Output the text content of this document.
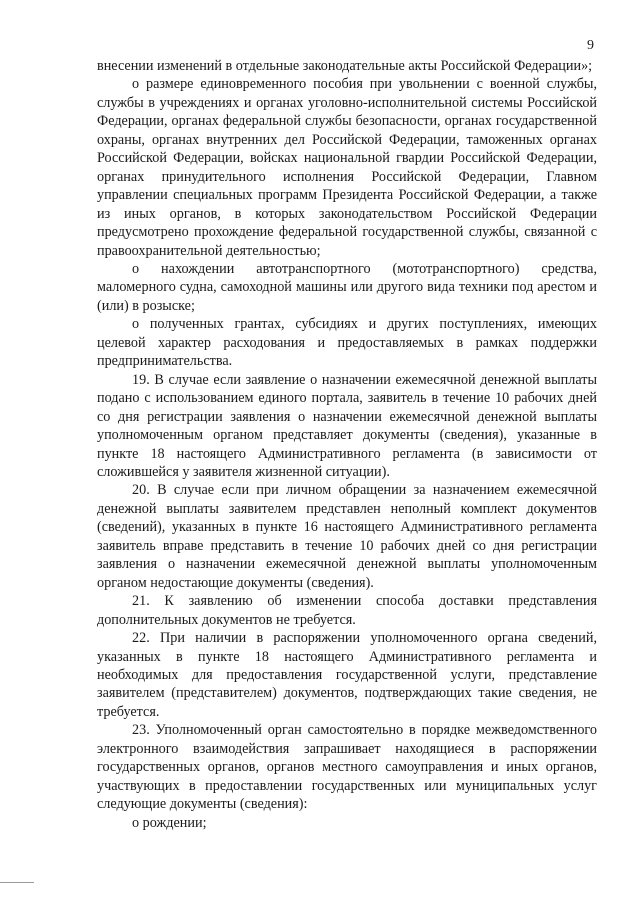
9

внесении изменений в отдельные законодательные акты Российской Федерации»;

о размере единовременного пособия при увольнении с военной службы, службы в учреждениях и органах уголовно-исполнительной системы Российской Федерации, органах федеральной службы безопасности, органах государственной охраны, органах внутренних дел Российской Федерации, таможенных органах Российской Федерации, войсках национальной гвардии Российской Федерации, органах принудительного исполнения Российской Федерации, Главном управлении специальных программ Президента Российской Федерации, а также из иных органов, в которых законодательством Российской Федерации предусмотрено прохождение федеральной государственной службы, связанной с правоохранительной деятельностью;

о нахождении автотранспортного (мототранспортного) средства, маломерного судна, самоходной машины или другого вида техники под арестом и (или) в розыске;

о полученных грантах, субсидиях и других поступлениях, имеющих целевой характер расходования и предоставляемых в рамках поддержки предпринимательства.

19. В случае если заявление о назначении ежемесячной денежной выплаты подано с использованием единого портала, заявитель в течение 10 рабочих дней со дня регистрации заявления о назначении ежемесячной денежной выплаты уполномоченным органом представляет документы (сведения), указанные в пункте 18 настоящего Административного регламента (в зависимости от сложившейся у заявителя жизненной ситуации).

20. В случае если при личном обращении за назначением ежемесячной денежной выплаты заявителем представлен неполный комплект документов (сведений), указанных в пункте 16 настоящего Административного регламента заявитель вправе представить в течение 10 рабочих дней со дня регистрации заявления о назначении ежемесячной денежной выплаты уполномоченным органом недостающие документы (сведения).

21. К заявлению об изменении способа доставки представления дополнительных документов не требуется.

22. При наличии в распоряжении уполномоченного органа сведений, указанных в пункте 18 настоящего Административного регламента и необходимых для предоставления государственной услуги, представление заявителем (представителем) документов, подтверждающих такие сведения, не требуется.

23. Уполномоченный орган самостоятельно в порядке межведомственного электронного взаимодействия запрашивает находящиеся в распоряжении государственных органов, органов местного самоуправления и иных органов, участвующих в предоставлении государственных или муниципальных услуг следующие документы (сведения):

о рождении;
